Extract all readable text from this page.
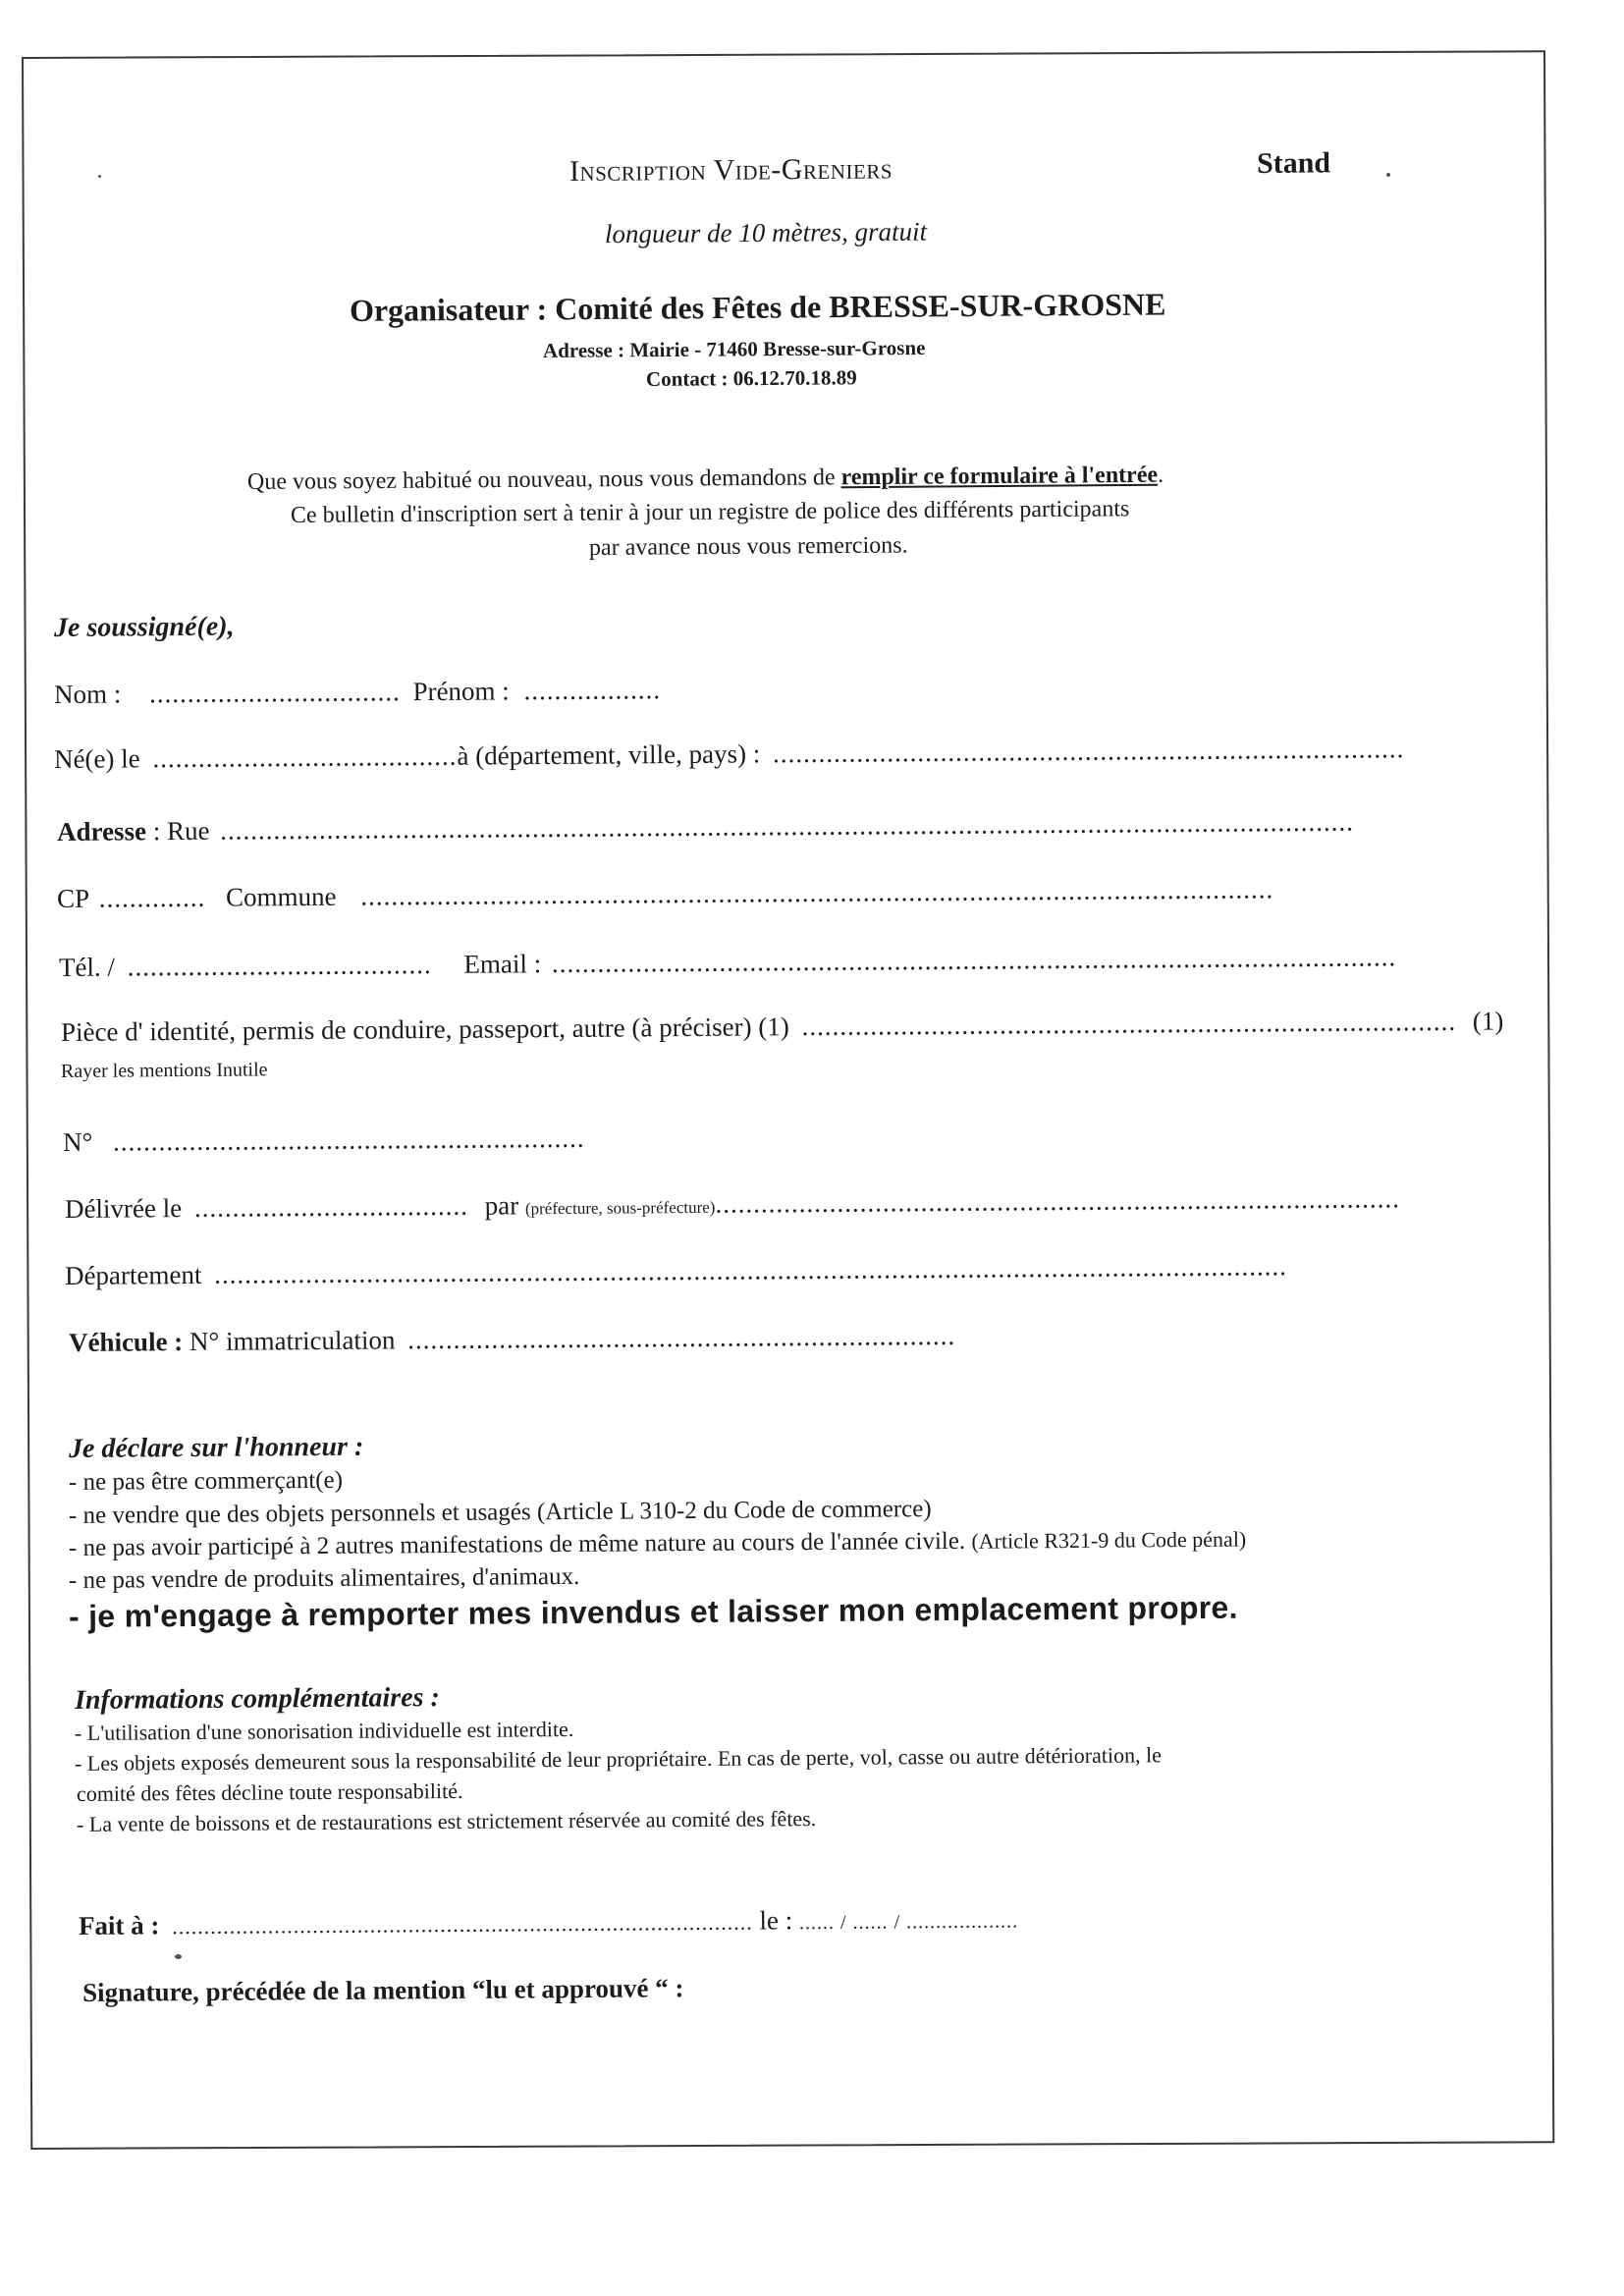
Inscription Vide-Greniers	Stand
longueur de 10 mètres, gratuit
Organisateur : Comité des Fêtes de BRESSE-SUR-GROSNE
Adresse : Mairie - 71460 Bresse-sur-Grosne
Contact : 06.12.70.18.89
Que vous soyez habitué ou nouveau, nous vous demandons de remplir ce formulaire à l'entrée.
Ce bulletin d'inscription sert à tenir à jour un registre de police des différents participants
par avance nous vous remercions.
Je soussigné(e),
Nom : ................................. Prénom : ..................
Né(e) le ........................................à (département, ville, pays) : ...................................................................................
Adresse : Rue .....................................................................................................................................................
CP .............. Commune ........................................................................................................................
Tél. / ........................................ Email : ...............................................................................................................
Pièce d' identité, permis de conduire, passeport, autre (à préciser) (1) ...................................................................................... (1)
Rayer les mentions Inutile
N° ..............................................................
Délivrée le .................................... par (préfecture, sous-préfecture)..........................................................................................
Département .............................................................................................................................................
Véhicule : N° immatriculation ........................................................................
Je déclare sur l'honneur :
- ne pas être commerçant(e)
- ne vendre que des objets personnels et usagés (Article L 310-2 du Code de commerce)
- ne pas avoir participé à 2 autres manifestations de même nature au cours de l'année civile. (Article R321-9 du Code pénal)
- ne pas vendre de produits alimentaires, d'animaux.
- je m'engage à remporter mes invendus et laisser mon emplacement propre.
Informations complémentaires :
- L'utilisation d'une sonorisation individuelle est interdite.
- Les objets exposés demeurent sous la responsabilité de leur propriétaire. En cas de perte, vol, casse ou autre détérioration, le
comité des fêtes décline toute responsabilité.
- La vente de boissons et de restaurations est strictement réservée au comité des fêtes.
Fait à : ........................................................................................... le : ...... / ...... / ...................
Signature, précédée de la mention “lu et approuvé “ :
